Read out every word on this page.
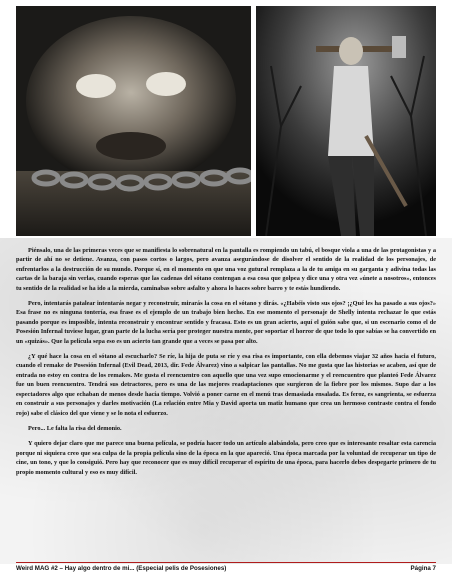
Piénsalo, una de las primeras veces que se manifiesta lo sobrenatural en la pantalla es rompiendo un tabú, el bosque viola a una de las protagonistas y a partir de ahí no se detiene. Avanza, con pasos cortos o largos, pero avanza asegurándose de disolver el sentido de la realidad de los personajes, de enfrentarlos a la destrucción de su mundo. Porque sí, en el momento en que una voz gutural remplaza a la de tu amiga en su garganta y adivina todas las cartas de la baraja sin verlas, cuando esperas que las cadenas del sótano contengan a esa cosa que golpea y dice una y otra vez «únete a nosotros», entonces tu sentido de la realidad se ha ido a la mierda, caminabas sobre asfalto y ahora lo haces sobre barro y te estás hundiendo.

Pero, intentarás patalear intentarás negar y reconstruir, mirarás la cosa en el sótano y dirás. «¿Habéis visto sus ojos? ¡¿Qué les ha pasado a sus ojos?» Esa frase no es ninguna tontería, esa frase es el ejemplo de un trabajo bien hecho. En ese momento el personaje de Shelly intenta rechazar lo que estás pasando porque es imposible, intenta reconstruir y encontrar sentido y fracasa. Esto es un gran acierto, aquí el guión sabe que, si un escenario como el de Posesión Infernal tuviese lugar, gran parte de la lucha sería por proteger nuestra mente, por soportar el horror de que todo lo que sabías se ha convertido en un «quizás». Que la película sepa eso es un acierto tan grande que a veces se pasa por alto.

¿Y qué hace la cosa en el sótano al escucharlo? Se ríe, la hija de puta se ríe y esa risa es importante, con ella debemos viajar 32 años hacia el futuro, cuando el remake de Posesión Infernal (Evil Dead, 2013, dir. Fede Álvarez) vino a salpicar las pantallas. No me gusta que las historias se acaben, así que de entrada no estoy en contra de los remakes. Me gusta el reencuentro con aquello que una vez supo emocionarme y el reencuentro que planteó Fede Álvarez fue un buen reencuentro. Tendrá sus detractores, pero es una de las mejores readaptaciones que surgieron de la fiebre por los mismos. Supo dar a los espectadores algo que echaban de menos desde hacía tiempo. Volvió a poner carne en el menú tras demasiada ensalada. Es feroz, es sangrienta, se esfuerza en construir a sus personajes y darles motivación (La relación entre Mia y David aporta un matiz humano que crea un hermoso contraste contra el fondo rojo) sabe el clásico del que viene y se lo nota el esfuerzo.

Pero... Le falta la risa del demonio.

Y quiero dejar claro que me parece una buena película, se podría hacer todo un artículo alabándola, pero creo que es interesante resaltar esta carencia porque ni siquiera creo que sea culpa de la propia película sino de la época en la que apareció. Una época marcada por la voluntad de recuperar un tipo de cine, un tono, y que lo consiguió. Pero hay que reconocer que es muy difícil recuperar el espíritu de una época, para hacerlo debes despegarte primero de tu propio momento cultural y eso es muy difícil.

Weird MAG #2 – Hay algo dentro de mi... (Especial pelis de Posesiones)	Página 7
